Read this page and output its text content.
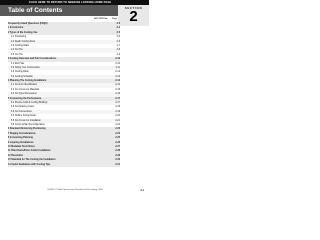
CLICK HERE TO RETURN TO SEB/EOB LOOKING HOME PAGE
Table of Contents	SECTION
2
SECTION No. Page
Frequently Asked Questions (FAQS)	2-3
1 Introduction	2-4
2 Types of Ele Cooling Use	2-5
2.1 Introducing	2-5
2.2 Depth Cooling Floor	2-6
2.3 Cooling Walls	2-7
2.4 Cut The	2-8
2.5 Cut The	2-9
3 Cooling Overview and Site Considerations	2-10
3.1 Roof Site	2-10
3.2 Sizing Your Construction	2-11
3.3 Cooling Ratio	2-12
3.4 Cooling Schedule	2-13
4 Planning The Cooling Installation	2-14
4.1 Cut Intro Identification	2-14
4.2 Cut Cross Cut Materials	2-15
4.3 Cut Type Dimensions	2-16
5 Connecting the Performance	2-17
5.1 Precise Cold & Cooling Building	2-17
5.2 Cut Spacing Lower	2-18
5.3 Cut Connections	2-19
5.4 Outline Sizing Detail	2-20
5.5 Cut Cross Cut Installation	2-21
5.6 Comp Ashlar Reconfiguration	2-22
6 Standard Monitoring Positioning	2-23
7 Staging Considerations	2-24
8 Connecting Planning	2-25
9 Layering Installations	2-26
10 Modulate Tests Notes	2-27
11 Plant Ducts/Floor Ashlar Installation	2-28
12 Resolution	2-29
13 Standard for The Cooling the Installation	2-30
14 Useful Guidelines with Cooling Tips	2-31
GUIDE TO Radio Specification Standard for Ele Looking, 2008	2-1
